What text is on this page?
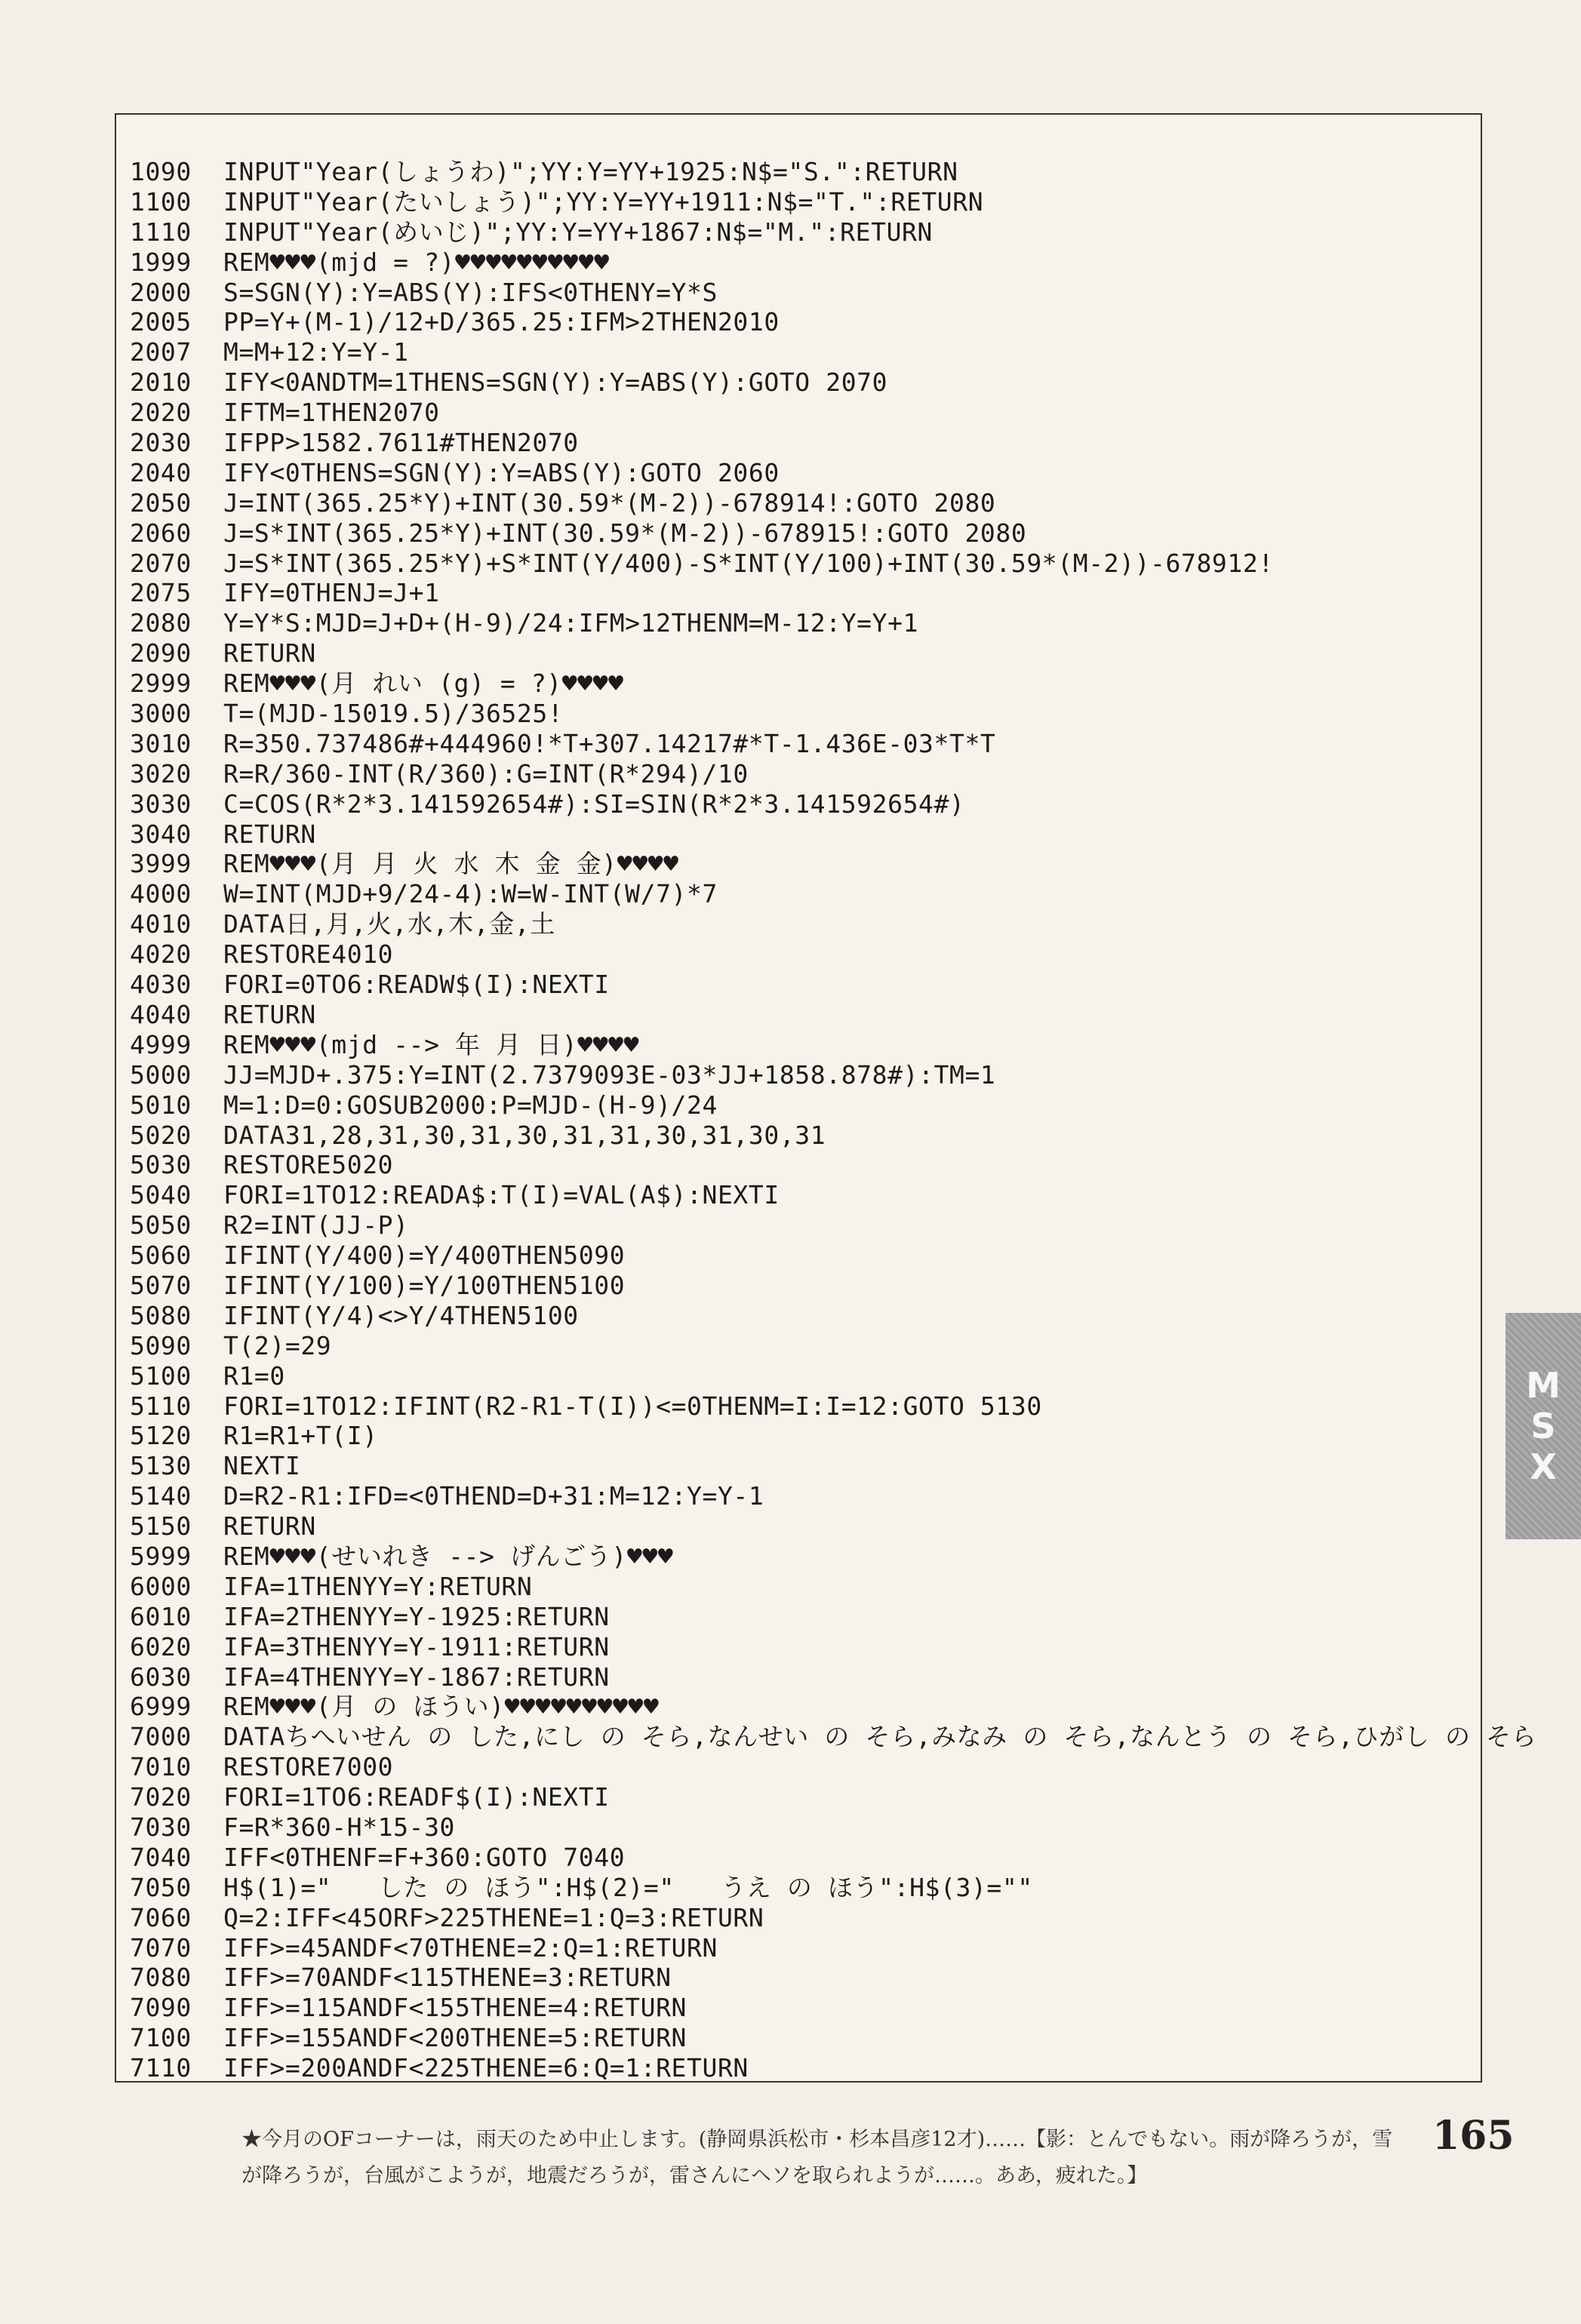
1090 INPUT"Year(しょうわ)";YY:Y=YY+1925:N$="S.":RETURN
1100 INPUT"Year(たいしょう)";YY:Y=YY+1911:N$="T.":RETURN
1110 INPUT"Year(めいじ)";YY:Y=YY+1867:N$="M.":RETURN
1999 REM♥♥♥(mjd = ?)♥♥♥♥♥♥♥♥♥♥
2000 S=SGN(Y):Y=ABS(Y):IFS<0THENY=Y*S
2005 PP=Y+(M-1)/12+D/365.25:IFM>2THEN2010
2007 M=M+12:Y=Y-1
2010 IFY<0ANDTM=1THENS=SGN(Y):Y=ABS(Y):GOTO 2070
2020 IFTM=1THEN2070
2030 IFPP>1582.7611#THEN2070
2040 IFY<0THENS=SGN(Y):Y=ABS(Y):GOTO 2060
2050 J=INT(365.25*Y)+INT(30.59*(M-2))-678914!:GOTO 2080
2060 J=S*INT(365.25*Y)+INT(30.59*(M-2))-678915!:GOTO 2080
2070 J=S*INT(365.25*Y)+S*INT(Y/400)-S*INT(Y/100)+INT(30.59*(M-2))-678912!
2075 IFY=0THENJ=J+1
2080 Y=Y*S:MJD=J+D+(H-9)/24:IFM>12THENM=M-12:Y=Y+1
2090 RETURN
2999 REM♥♥♥(月 れい (g) = ?)♥♥♥♥
3000 T=(MJD-15019.5)/36525!
3010 R=350.737486#+444960!*T+307.14217#*T-1.436E-03*T*T
3020 R=R/360-INT(R/360):G=INT(R*294)/10
3030 C=COS(R*2*3.141592654#):SI=SIN(R*2*3.141592654#)
3040 RETURN
3999 REM♥♥♥(月 月 火 水 木 金 金)♥♥♥♥
4000 W=INT(MJD+9/24-4):W=W-INT(W/7)*7
4010 DATA日,月,火,水,木,金,土
4020 RESTORE4010
4030 FORI=0TO6:READW$(I):NEXTI
4040 RETURN
4999 REM♥♥♥(mjd --> 年 月 日)♥♥♥♥
5000 JJ=MJD+.375:Y=INT(2.7379093E-03*JJ+1858.878#):TM=1
5010 M=1:D=0:GOSUB2000:P=MJD-(H-9)/24
5020 DATA31,28,31,30,31,30,31,31,30,31,30,31
5030 RESTORE5020
5040 FORI=1TO12:READA$:T(I)=VAL(A$):NEXTI
5050 R2=INT(JJ-P)
5060 IFINT(Y/400)=Y/400THEN5090
5070 IFINT(Y/100)=Y/100THEN5100
5080 IFINT(Y/4)<>Y/4THEN5100
5090 T(2)=29
5100 R1=0
5110 FORI=1TO12:IFINT(R2-R1-T(I))<=0THENM=I:I=12:GOTO 5130
5120 R1=R1+T(I)
5130 NEXTI
5140 D=R2-R1:IFD=<0THEND=D+31:M=12:Y=Y-1
5150 RETURN
5999 REM♥♥♥(せいれき --> げんごう)♥♥♥
6000 IFA=1THENYY=Y:RETURN
6010 IFA=2THENYY=Y-1925:RETURN
6020 IFA=3THENYY=Y-1911:RETURN
6030 IFA=4THENYY=Y-1867:RETURN
6999 REM♥♥♥(月 の ほうい)♥♥♥♥♥♥♥♥♥♥
7000 DATAちへいせん の した,にし の そら,なんせい の そら,みなみ の そら,なんとう の そら,ひがし の そら
7010 RESTORE7000
7020 FORI=1TO6:READF$(I):NEXTI
7030 F=R*360-H*15-30
7040 IFF<0THENF=F+360:GOTO 7040
7050 H$(1)="   した の ほう":H$(2)="   うえ の ほう":H$(3)=""
7060 Q=2:IFF<45ORF>225THENE=1:Q=3:RETURN
7070 IFF>=45ANDF<70THENE=2:Q=1:RETURN
7080 IFF>=70ANDF<115THENE=3:RETURN
7090 IFF>=115ANDF<155THENE=4:RETURN
7100 IFF>=155ANDF<200THENE=5:RETURN
7110 IFF>=200ANDF<225THENE=6:Q=1:RETURN
M
S
X
★今月のOFコーナーは，雨天のため中止します。(静岡県浜松市・杉本昌彦12才)……【影：とんでもない。雨が降ろうが，雪が降ろうが，台風がこようが，地震だろうが，雷さんにヘソを取られようが……。ああ，疲れた。】
165
